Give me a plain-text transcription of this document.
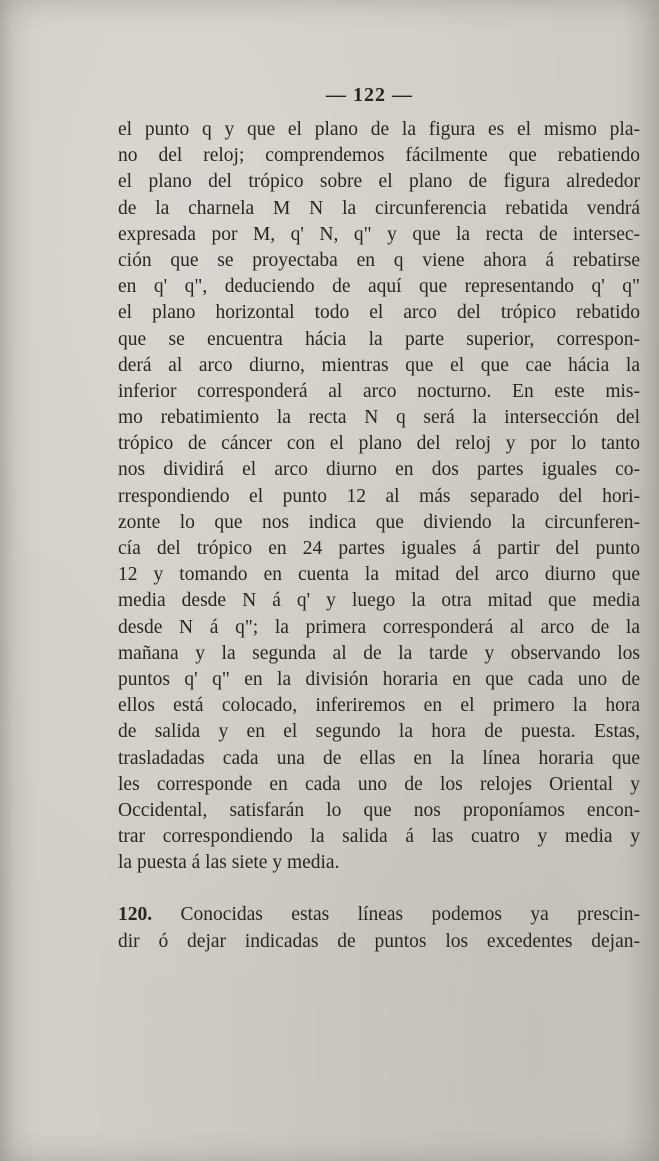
— 122 —
el punto q y que el plano de la figura es el mismo pla-
no del reloj; comprendemos fácilmente que rebatiendo
el plano del trópico sobre el plano de figura alrededor
de la charnela M N la circunferencia rebatida vendrá
expresada por M, q' N, q" y que la recta de intersec-
ción que se proyectaba en q viene ahora á rebatirse
en q' q", deduciendo de aquí que representando q' q"
el plano horizontal todo el arco del trópico rebatido
que se encuentra hácia la parte superior, correspon-
derá al arco diurno, mientras que el que cae hácia la
inferior corresponderá al arco nocturno. En este mis-
mo rebatimiento la recta N q será la intersección del
trópico de cáncer con el plano del reloj y por lo tanto
nos dividirá el arco diurno en dos partes iguales co-
rrespondiendo el punto 12 al más separado del hori-
zonte lo que nos indica que diviendo la circunferen-
cía del trópico en 24 partes iguales á partir del punto
12 y tomando en cuenta la mitad del arco diurno que
media desde N á q' y luego la otra mitad que media
desde N á q"; la primera corresponderá al arco de la
mañana y la segunda al de la tarde y observando los
puntos q' q" en la división horaria en que cada uno de
ellos está colocado, inferiremos en el primero la hora
de salida y en el segundo la hora de puesta. Estas,
trasladadas cada una de ellas en la línea horaria que
les corresponde en cada uno de los relojes Oriental y
Occidental, satisfarán lo que nos proponíamos encon-
trar correspondiendo la salida á las cuatro y media y
la puesta á las siete y media.
120. Conocidas estas líneas podemos ya prescin-
dir ó dejar indicadas de puntos los excedentes dejan-
